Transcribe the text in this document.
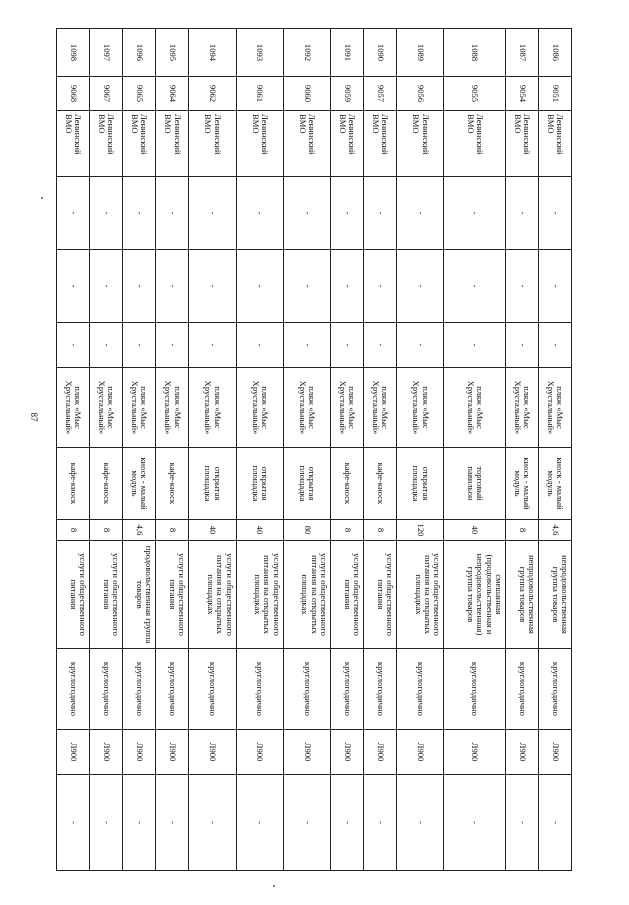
87
1086	9051	Ленинский ВМО	-	-	-	пляж «Мыс Хрустальный»	киоск - малый модуль	4,6	непродовольственная группа товаров	круглогодично	Л900	-
1087	9054	Ленинский ВМО	-	-	-	пляж «Мыс Хрустальный»	киоск - малый модуль	8	непродовольственная группа товаров	круглогодично	Л900	-
1088	9055	Ленинский ВМО	-	-	-	пляж «Мыс Хрустальный»	торговый павильон	40	смешанная (продовольственная и непродовольственная) группа товаров	круглогодично	Л900	-
1089	9056	Ленинский ВМО	-	-	-	пляж «Мыс Хрустальный»	открытая площадка	120	услуги общественного питания на открытых площадках	круглогодично	Л900	-
1090	9057	Ленинский ВМО	-	-	-	пляж «Мыс Хрустальный»	кафе-киоск	8	услуги общественного питания	круглогодично	Л900	-
1091	9059	Ленинский ВМО	-	-	-	пляж «Мыс Хрустальный»	кафе-киоск	8	услуги общественного питания	круглогодично	Л900	-
1092	9060	Ленинский ВМО	-	-	-	пляж «Мыс Хрустальный»	открытая площадка	80	услуги общественного питания на открытых площадках	круглогодично	Л900	-
1093	9061	Ленинский ВМО	-	-	-	пляж «Мыс Хрустальный»	открытая площадка	40	услуги общественного питания на открытых площадках	круглогодично	Л900	-
1094	9062	Ленинский ВМО	-	-	-	пляж «Мыс Хрустальный»	открытая площадка	40	услуги общественного питания на открытых площадках	круглогодично	Л900	-
1095	9064	Ленинский ВМО	-	-	-	пляж «Мыс Хрустальный»	кафе-киоск	8	услуги общественного питания	круглогодично	Л900	-
1096	9065	Ленинский ВМО	-	-	-	пляж «Мыс Хрустальный»	киоск - малый модуль	4,6	продовольственная группа товаров	круглогодично	Л900	-
1097	9067	Ленинский ВМО	-	-	-	пляж «Мыс Хрустальный»	кафе-киоск	8	услуги общественного питания	круглогодично	Л900	-
1098	9068	Ленинский ВМО	-	-	-	пляж «Мыс Хрустальный»	кафе-киоск	8	услуги общественного питания	круглогодично	Л900	-
